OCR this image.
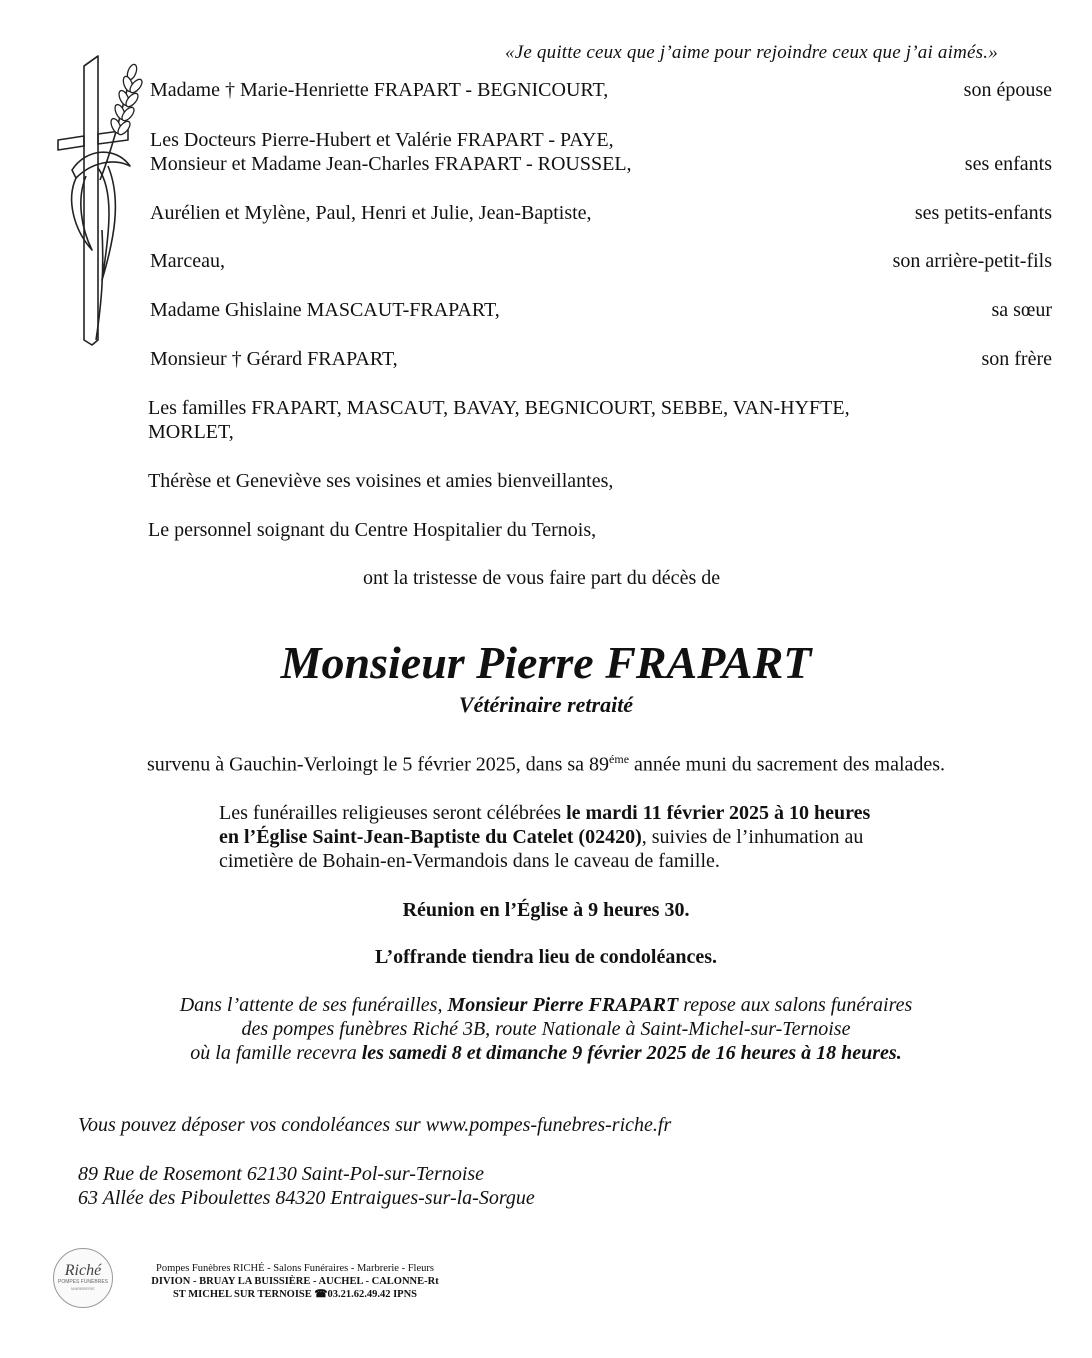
«Je quitte ceux que j’aime pour rejoindre ceux que j’ai aimés.»
Madame † Marie-Henriette FRAPART - BEGNICOURT,	son épouse
Les Docteurs Pierre-Hubert et Valérie FRAPART - PAYE,
Monsieur et Madame Jean-Charles FRAPART - ROUSSEL,	ses enfants
Aurélien et Mylène, Paul, Henri et Julie, Jean-Baptiste,	ses petits-enfants
Marceau,	son arrière-petit-fils
Madame Ghislaine MASCAUT-FRAPART,	sa sœur
Monsieur † Gérard FRAPART,	son frère
Les familles FRAPART, MASCAUT, BAVAY, BEGNICOURT, SEBBE, VAN-HYFTE,
MORLET,
Thérèse et Geneviève ses voisines et amies bienveillantes,
Le personnel soignant du Centre Hospitalier du Ternois,
ont la tristesse de vous faire part du décès de
Monsieur Pierre FRAPART
Vétérinaire retraité
survenu à Gauchin-Verloingt le 5 février 2025, dans sa $89^{éme}$ année muni du sacrement des malades.
Les funérailles religieuses seront célébrées le mardi 11 février 2025 à 10 heures
en l’Église Saint-Jean-Baptiste du Catelet (02420), suivies de l’inhumation au
cimetière de Bohain-en-Vermandois dans le caveau de famille.
Réunion en l’Église à 9 heures 30.
L’offrande tiendra lieu de condoléances.
Dans l’attente de ses funérailles, Monsieur Pierre FRAPART repose aux salons funéraires
des pompes funèbres Riché 3B, route Nationale à Saint-Michel-sur-Ternoise
où la famille recevra les samedi 8 et dimanche 9 février 2025 de 16 heures à 18 heures.
Vous pouvez déposer vos condoléances sur www.pompes-funebres-riche.fr
89 Rue de Rosemont 62130 Saint-Pol-sur-Ternoise
63 Allée des Piboulettes 84320 Entraigues-sur-la-Sorgue
Riché
POMPES FUNÈBRES
MARBRERIE
Pompes Funèbres RICHÉ - Salons Funéraires - Marbrerie - Fleurs
DIVION - BRUAY LA BUISSIÈRE - AUCHEL - CALONNE-Rt
ST MICHEL SUR TERNOISE ☎03.21.62.49.42 IPNS
